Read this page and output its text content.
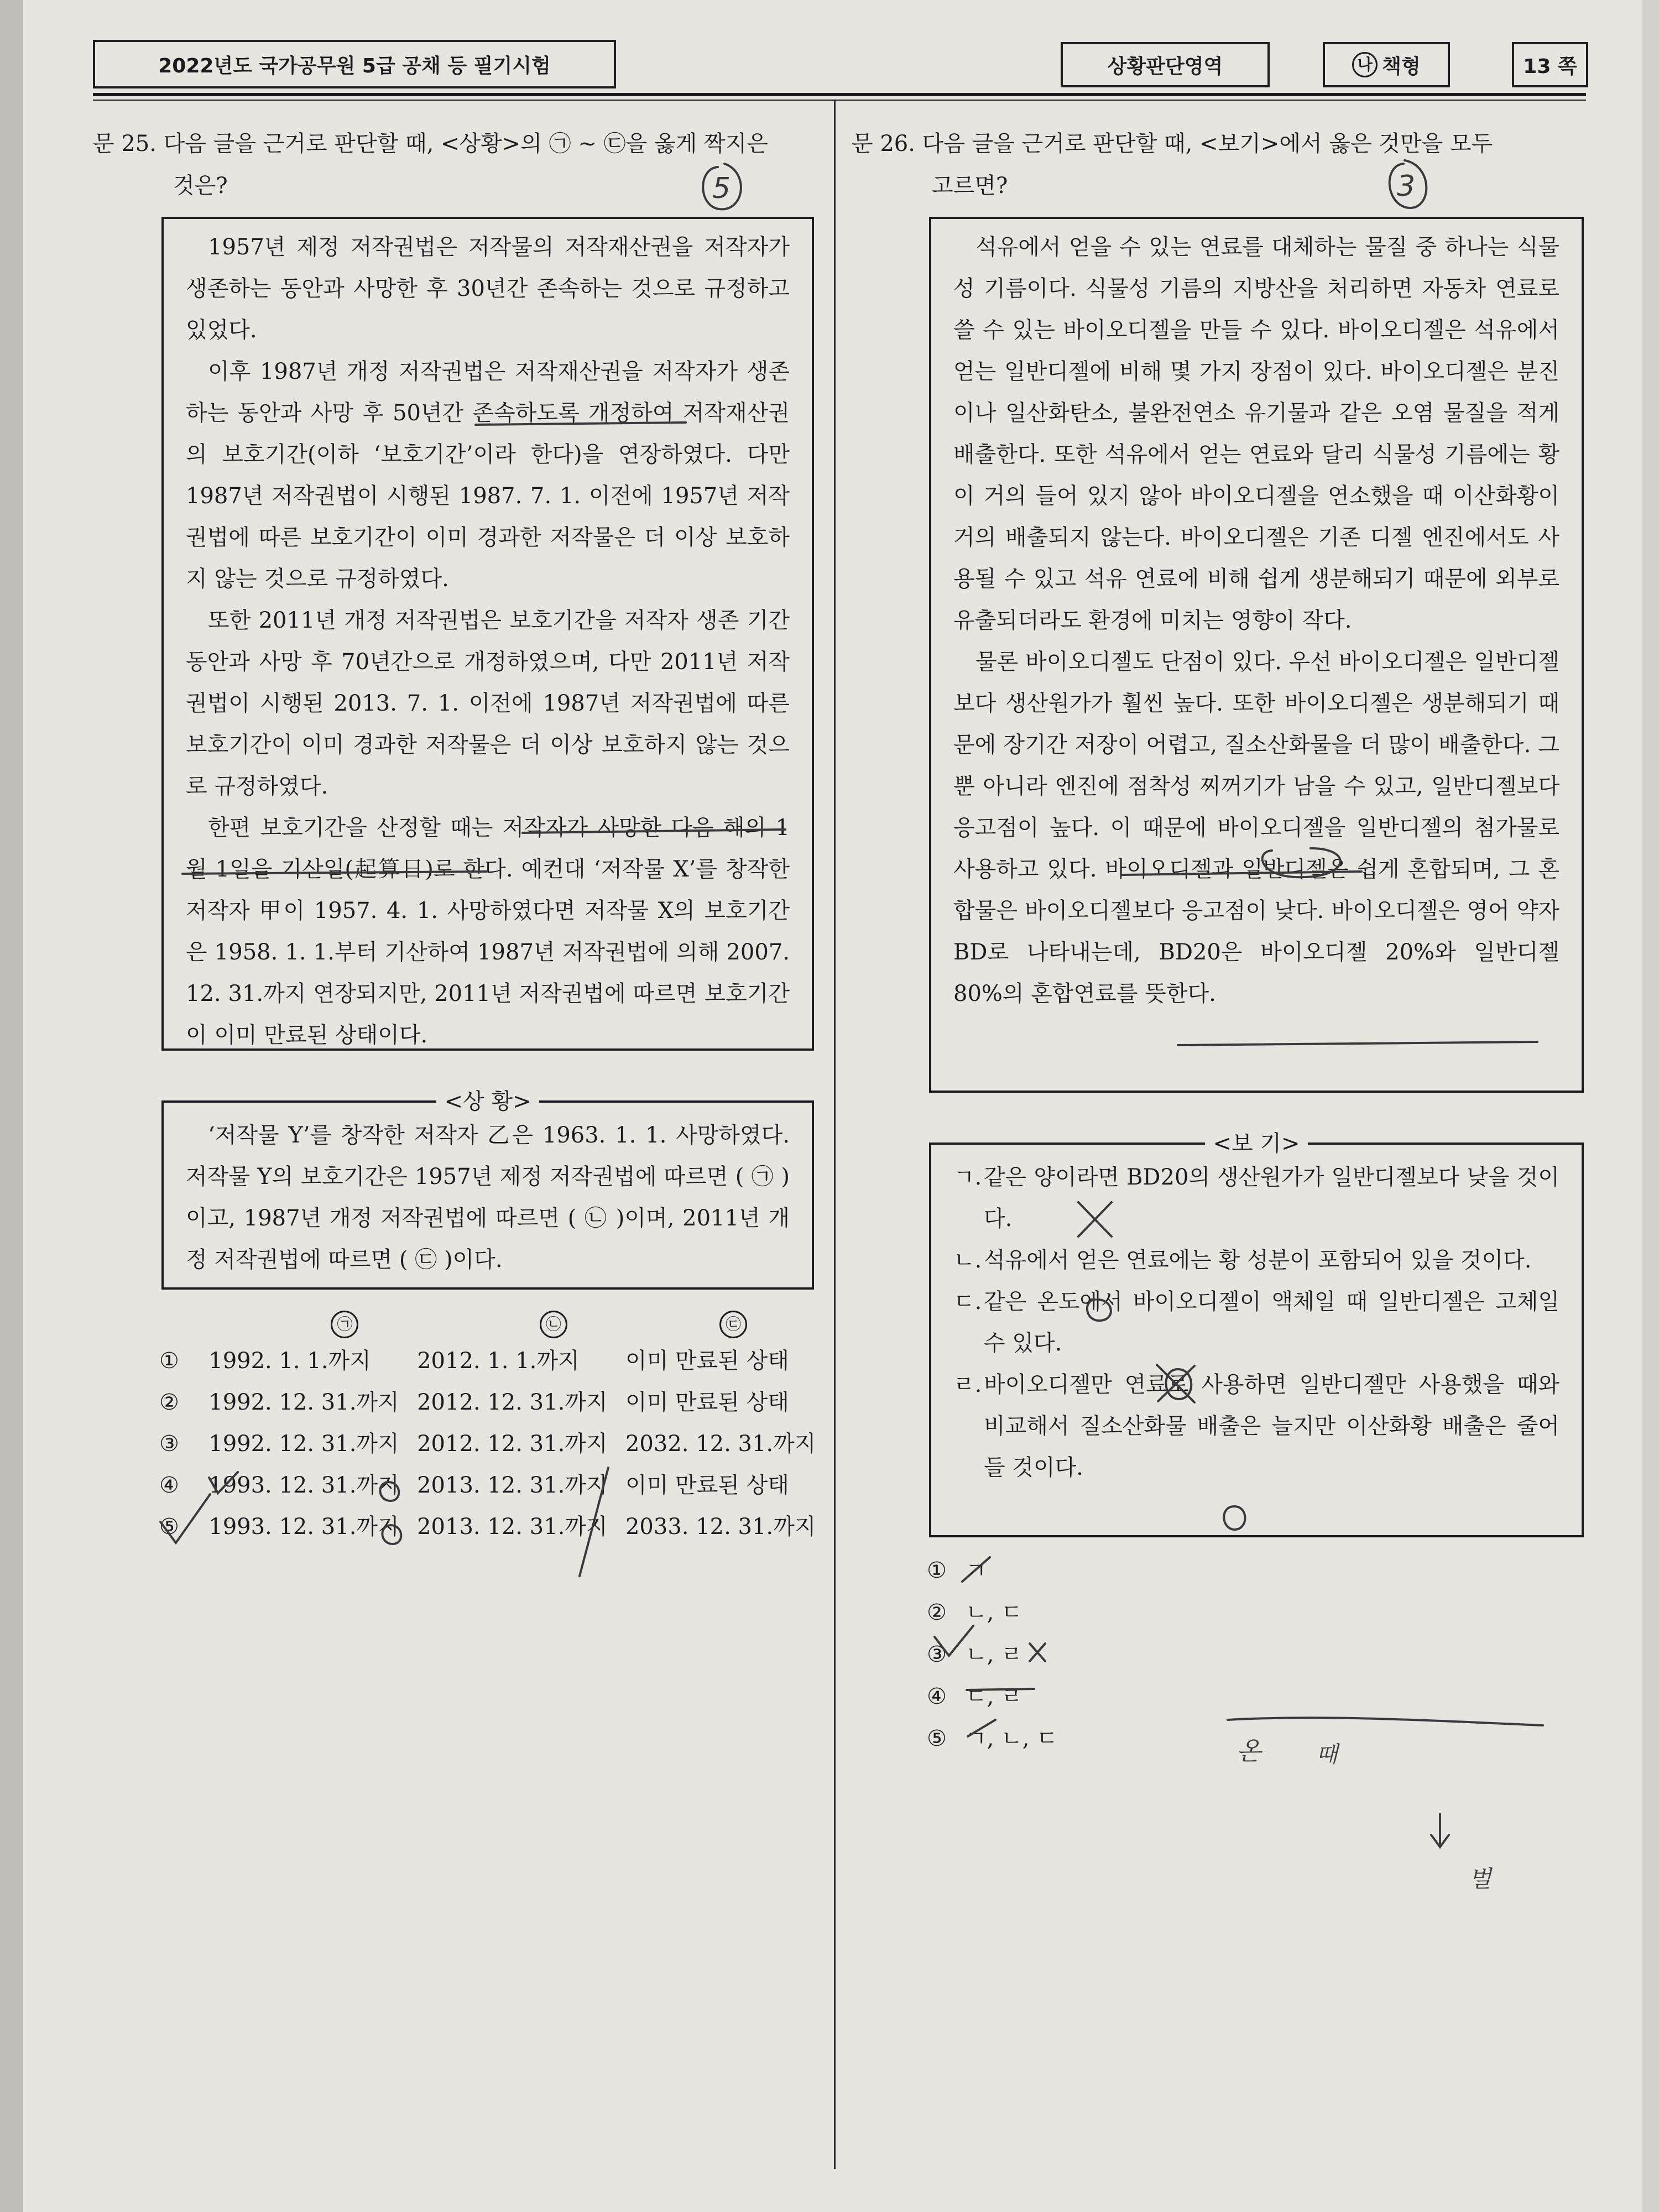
2022년도 국가공무원 5급 공채 등 필기시험	상황판단영역	나 책형	13 쪽
문 25. 다음 글을 근거로 판단할 때, <상황>의 ㉠ ~ ㉢을 옳게 짝지은
것은?

1957년 제정 저작권법은 저작물의 저작재산권을 저작자가 생존하는 동안과 사망한 후 30년간 존속하는 것으로 규정하고 있었다.

이후 1987년 개정 저작권법은 저작재산권을 저작자가 생존하는 동안과 사망 후 50년간 존속하도록 개정하여 저작재산권의 보호기간(이하 ‘보호기간’이라 한다)을 연장하였다. 다만 1987년 저작권법이 시행된 1987. 7. 1. 이전에 1957년 저작권법에 따른 보호기간이 이미 경과한 저작물은 더 이상 보호하지 않는 것으로 규정하였다.

또한 2011년 개정 저작권법은 보호기간을 저작자 생존 기간 동안과 사망 후 70년간으로 개정하였으며, 다만 2011년 저작권법이 시행된 2013. 7. 1. 이전에 1987년 저작권법에 따른 보호기간이 이미 경과한 저작물은 더 이상 보호하지 않는 것으로 규정하였다.

한편 보호기간을 산정할 때는 저작자가 사망한 다음 해의 1월 1일을 기산일(起算日)로 한다. 예컨대 ‘저작물 X’를 창작한 저작자 甲이 1957. 4. 1. 사망하였다면 저작물 X의 보호기간은 1958. 1. 1.부터 기산하여 1987년 저작권법에 의해 2007. 12. 31.까지 연장되지만, 2011년 저작권법에 따르면 보호기간이 이미 만료된 상태이다.

<상 황>

‘저작물 Y’를 창작한 저작자 乙은 1963. 1. 1. 사망하였다. 저작물 Y의 보호기간은 1957년 제정 저작권법에 따르면 ( ㉠ )이고, 1987년 개정 저작권법에 따르면 ( ㉡ )이며, 2011년 개정 저작권법에 따르면 ( ㉢ )이다.

㉠	㉡	㉢
①	1992. 1. 1.까지	2012. 1. 1.까지	이미 만료된 상태
②	1992. 12. 31.까지 2012. 12. 31.까지 이미 만료된 상태
③	1992. 12. 31.까지 2012. 12. 31.까지 2032. 12. 31.까지
④	1993. 12. 31.까지 2013. 12. 31.까지 이미 만료된 상태
⑤	1993. 12. 31.까지 2013. 12. 31.까지 2033. 12. 31.까지
문 26. 다음 글을 근거로 판단할 때, <보기>에서 옳은 것만을 모두
고르면?

석유에서 얻을 수 있는 연료를 대체하는 물질 중 하나는 식물성 기름이다. 식물성 기름의 지방산을 처리하면 자동차 연료로 쓸 수 있는 바이오디젤을 만들 수 있다. 바이오디젤은 석유에서 얻는 일반디젤에 비해 몇 가지 장점이 있다. 바이오디젤은 분진이나 일산화탄소, 불완전연소 유기물과 같은 오염 물질을 적게 배출한다. 또한 석유에서 얻는 연료와 달리 식물성 기름에는 황이 거의 들어 있지 않아 바이오디젤을 연소했을 때 이산화황이 거의 배출되지 않는다. 바이오디젤은 기존 디젤 엔진에서도 사용될 수 있고 석유 연료에 비해 쉽게 생분해되기 때문에 외부로 유출되더라도 환경에 미치는 영향이 작다.

물론 바이오디젤도 단점이 있다. 우선 바이오디젤은 일반디젤보다 생산원가가 훨씬 높다. 또한 바이오디젤은 생분해되기 때문에 장기간 저장이 어렵고, 질소산화물을 더 많이 배출한다. 그뿐 아니라 엔진에 점착성 찌꺼기가 남을 수 있고, 일반디젤보다 응고점이 높다. 이 때문에 바이오디젤을 일반디젤의 첨가물로 사용하고 있다. 바이오디젤과 일반디젤은 쉽게 혼합되며, 그 혼합물은 바이오디젤보다 응고점이 낮다. 바이오디젤은 영어 약자 BD로 나타내는데, BD20은 바이오디젤 20%와 일반디젤 80%의 혼합연료를 뜻한다.

<보 기>
ㄱ. 같은 양이라면 BD20의 생산원가가 일반디젤보다 낮을 것이다.
ㄴ. 석유에서 얻은 연료에는 황 성분이 포함되어 있을 것이다.
ㄷ. 같은 온도에서 바이오디젤이 액체일 때 일반디젤은 고체일 수 있다.
ㄹ. 바이오디젤만 연료로 사용하면 일반디젤만 사용했을 때와 비교해서 질소산화물 배출은 늘지만 이산화황 배출은 줄어들 것이다.
① ㄱ
② ㄴ, ㄷ
③ ㄴ, ㄹ
④ ㄷ, ㄹ
⑤ ㄱ, ㄴ, ㄷ
5	3
온 때
벌
